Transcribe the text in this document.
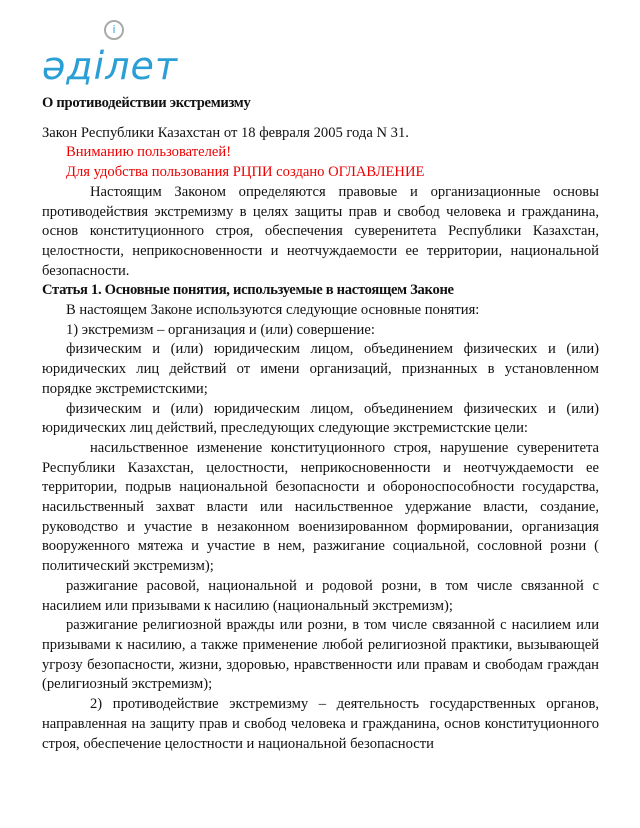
i
әділет
О противодействии экстремизму

Закон Республики Казахстан от 18 февраля 2005 года N 31.

Вниманию пользователей!

Для удобства пользования РЦПИ создано ОГЛАВЛЕНИЕ

Настоящим Законом определяются правовые и организационные основы противодействия экстремизму в целях защиты прав и свобод человека и гражданина, основ конституционного строя, обеспечения суверенитета Республики Казахстан, целостности, неприкосновенности и неотчуждаемости ее территории, национальной безопасности.

Статья 1. Основные понятия, используемые в настоящем Законе

В настоящем Законе используются следующие основные понятия:

1) экстремизм – организация и (или) совершение:

физическим и (или) юридическим лицом, объединением физических и (или) юридических лиц действий от имени организаций, признанных в установленном порядке экстремистскими;

физическим и (или) юридическим лицом, объединением физических и (или) юридических лиц действий, преследующих следующие экстремистские цели:

насильственное изменение конституционного строя, нарушение суверенитета Республики Казахстан, целостности, неприкосновенности и неотчуждаемости ее территории, подрыв национальной безопасности и обороноспособности государства, насильственный захват власти или насильственное удержание власти, создание, руководство и участие в незаконном военизированном формировании, организация вооруженного мятежа и участие в нем, разжигание социальной, сословной розни ( политический экстремизм);

разжигание расовой, национальной и родовой розни, в том числе связанной с насилием или призывами к насилию (национальный экстремизм);

разжигание религиозной вражды или розни, в том числе связанной с насилием или призывами к насилию, а также применение любой религиозной практики, вызывающей угрозу безопасности, жизни, здоровью, нравственности или правам и свободам граждан (религиозный экстремизм);

2) противодействие экстремизму – деятельность государственных органов, направленная на защиту прав и свобод человека и гражданина, основ конституционного строя, обеспечение целостности и национальной безопасности
